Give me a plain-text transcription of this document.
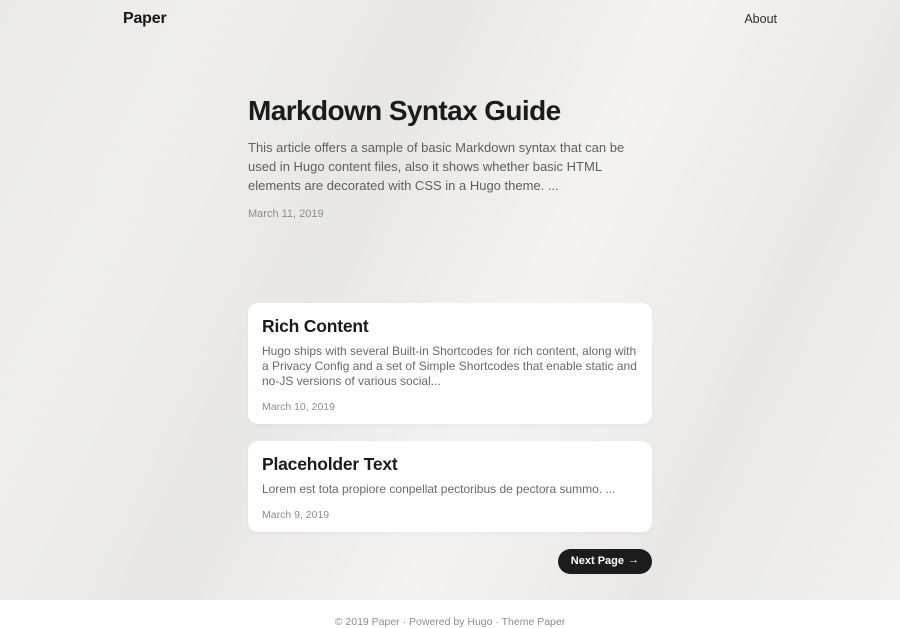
Paper	About
Markdown Syntax Guide

This article offers a sample of basic Markdown syntax that can be used in Hugo content files, also it shows whether basic HTML elements are decorated with CSS in a Hugo theme. ...

March 11, 2019
Rich Content

Hugo ships with several Built-in Shortcodes for rich content, along with a Privacy Config and a set of Simple Shortcodes that enable static and no-JS versions of various social...

March 10, 2019
Placeholder Text

Lorem est tota propiore conpellat pectoribus de pectora summo. ...

March 9, 2019
Next Page →
© 2019 Paper · Powered by Hugo · Theme Paper
